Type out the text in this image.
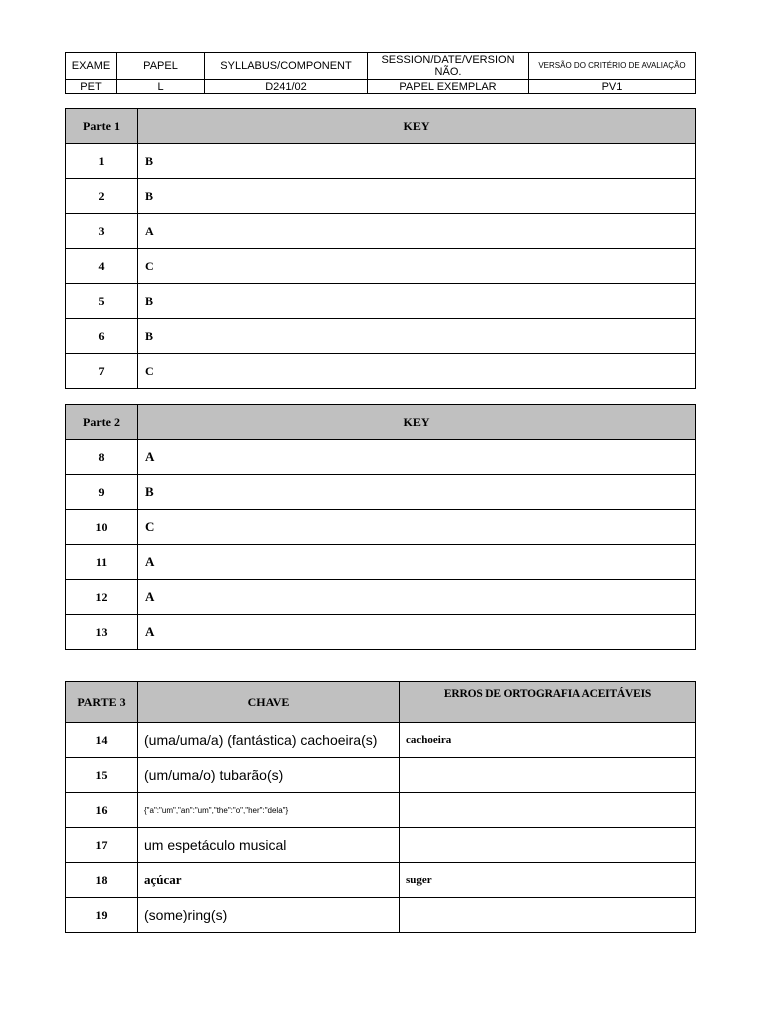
EXAME	PAPEL	SYLLABUS/COMPONENT	SESSION/DATE/VERSION NÃO.	VERSÃO DO CRITÉRIO DE AVALIAÇÃO
PET	L	D241/02	PAPEL EXEMPLAR	PV1
Parte 1	KEY
1	B
2	B
3	A
4	C
5	B
6	B
7	C
Parte 2	KEY
8	A
9	B
10	C
11	A
12	A
13	A
PARTE 3	CHAVE	ERROS DE ORTOGRAFIA ACEITÁVEIS
14	(uma/uma/a) (fantástica) cachoeira(s)	cachoeira
15	(um/uma/o) tubarão(s)	
16	{"a":"um","an":"um","the":"o","her":"dela"}	
17	um espetáculo musical	
18	açúcar	suger
19	(some)ring(s)	
